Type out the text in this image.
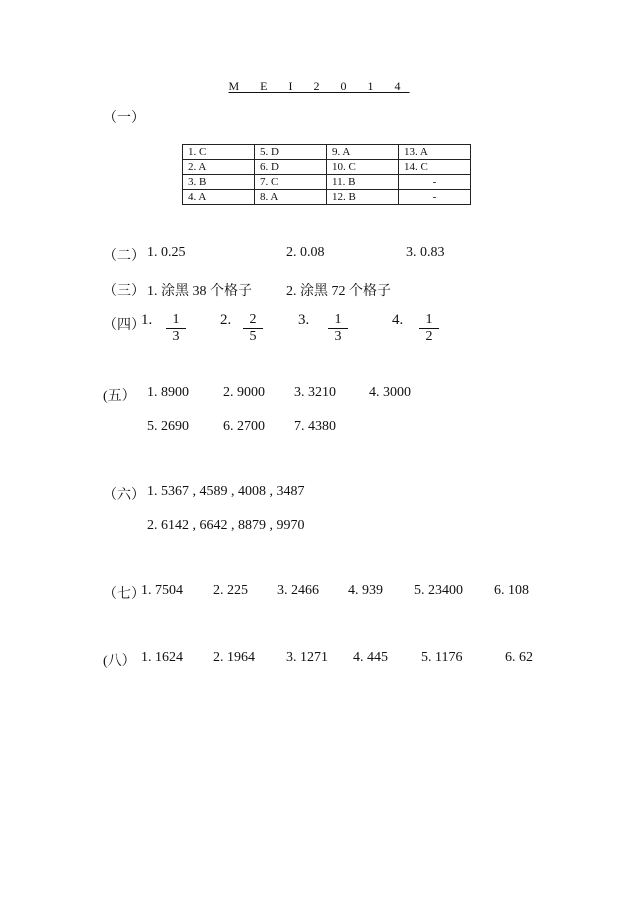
M E I 2 0 1 4
（一）
1. C	5. D	9. A	13. A
2. A	6. D	10. C	14. C
3. B	7. C	11. B	-
4. A	8. A	12. B	-
（二） 1. 0.25	2. 0.08	3. 0.83
（三） 1. 涂黑 38 个格子 2. 涂黑 72 个格子
（四）
1.	1
3
2.	2
5
3.	1
3
4.	1
2
(五） 1. 8900 2. 9000 3. 3210 4. 3000
5. 2690 6. 2700 7. 4380
（六） 1. 5367 , 4589 , 4008 , 3487
2. 6142 , 6642 , 8879 , 9970
（七）
1. 7504 2. 225 3. 2466 4. 939 5. 23400 6. 108
(八） 1. 1624 2. 1964 3. 1271 4. 445 5. 1176	6. 62
